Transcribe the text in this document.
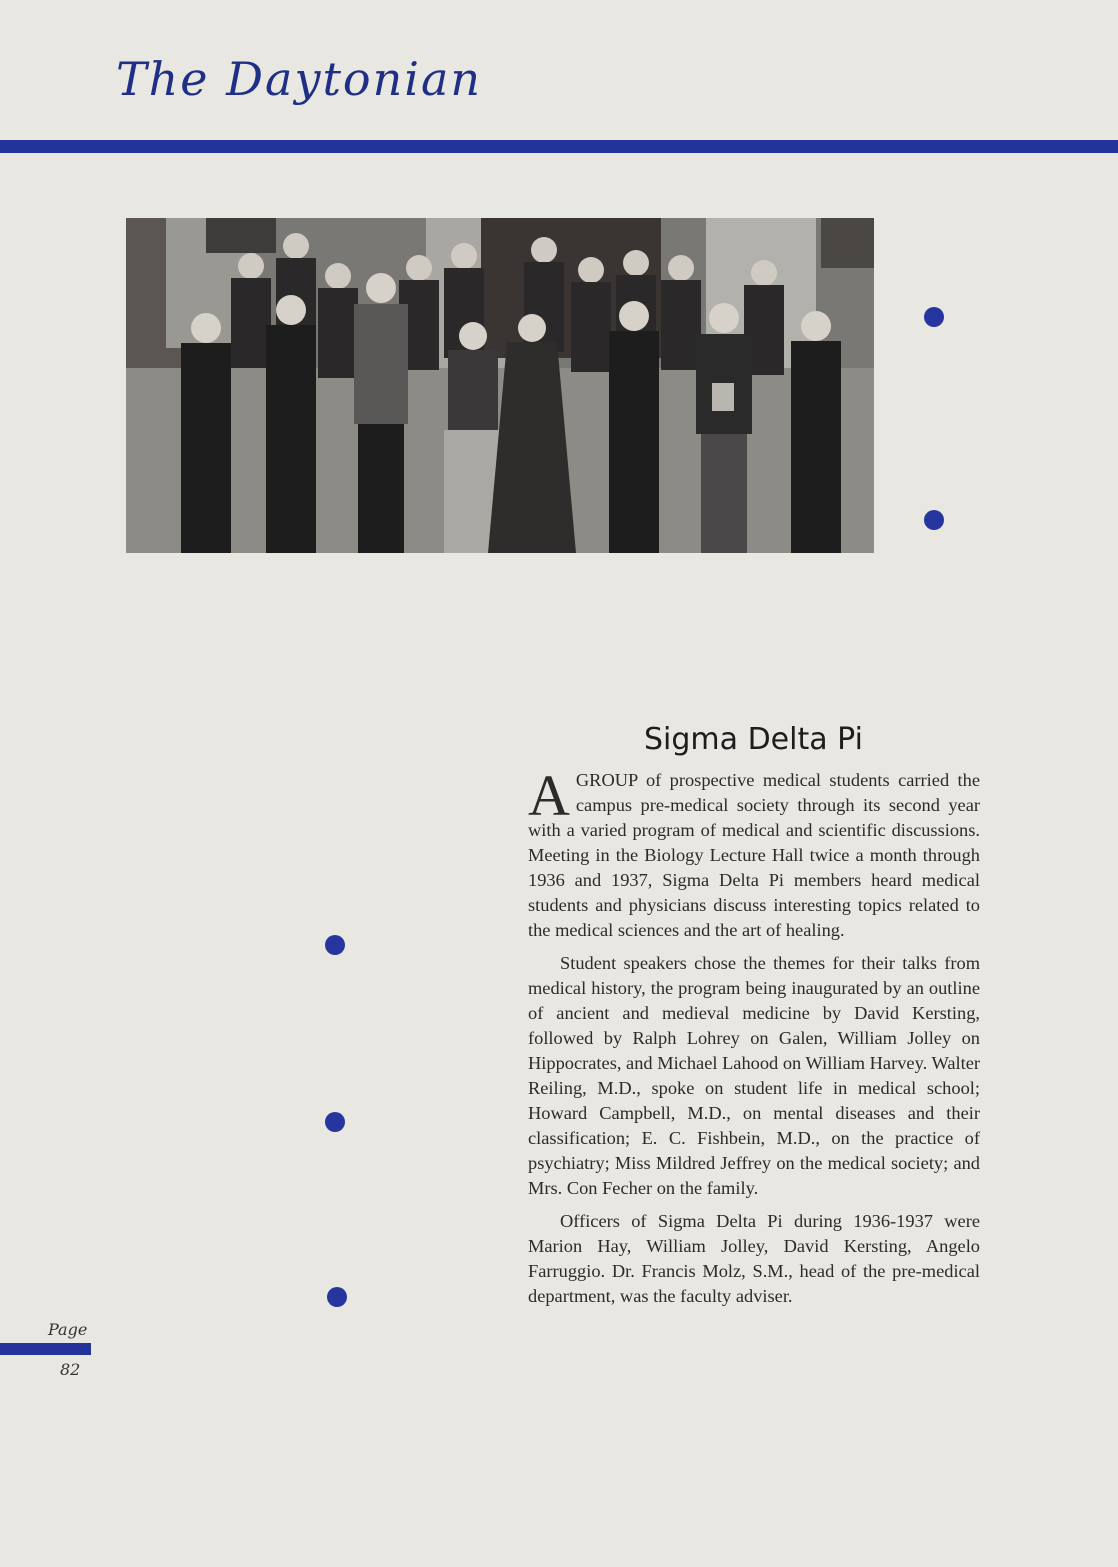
The Daytonian
Sigma Delta Pi

AGROUP of prospective medical students carried the campus pre-medical society through its second year with a varied program of medical and scientific discussions. Meeting in the Biology Lecture Hall twice a month through 1936 and 1937, Sigma Delta Pi members heard medical students and physicians discuss interesting topics related to the medical sciences and the art of healing.

Student speakers chose the themes for their talks from medical history, the program being inaugurated by an outline of ancient and medieval medicine by David Kersting, followed by Ralph Lohrey on Galen, William Jolley on Hippocrates, and Michael Lahood on William Harvey. Walter Reiling, M.D., spoke on student life in medical school; Howard Campbell, M.D., on mental diseases and their classification; E. C. Fishbein, M.D., on the practice of psychiatry; Miss Mildred Jeffrey on the medical society; and Mrs. Con Fecher on the family.

Officers of Sigma Delta Pi during 1936-1937 were Marion Hay, William Jolley, David Kersting, Angelo Farruggio. Dr. Francis Molz, S.M., head of the pre-medical department, was the faculty adviser.

Page
82
